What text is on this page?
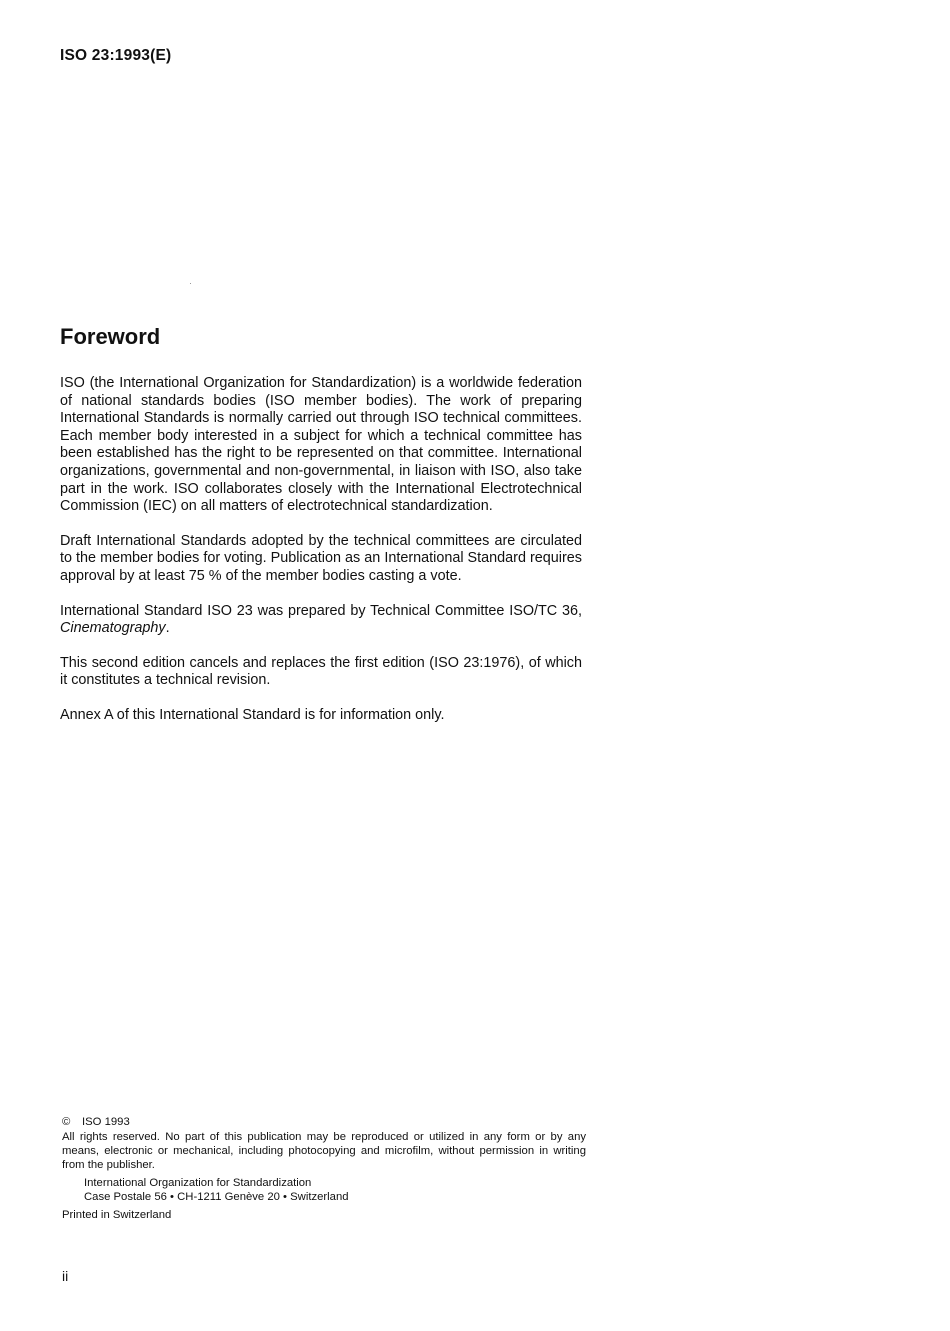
ISO 23:1993(E)
Foreword

ISO (the International Organization for Standardization) is a worldwide federation of national standards bodies (ISO member bodies). The work of preparing International Standards is normally carried out through ISO technical committees. Each member body interested in a subject for which a technical committee has been established has the right to be represented on that committee. International organizations, governmental and non-governmental, in liaison with ISO, also take part in the work. ISO collaborates closely with the International Electrotechnical Commission (IEC) on all matters of electrotechnical standardization.

Draft International Standards adopted by the technical committees are circulated to the member bodies for voting. Publication as an International Standard requires approval by at least 75 % of the member bodies casting a vote.

International Standard ISO 23 was prepared by Technical Committee ISO/TC 36, Cinematography.

This second edition cancels and replaces the first edition (ISO 23:1976), of which it constitutes a technical revision.

Annex A of this International Standard is for information only.

© ISO 1993

All rights reserved. No part of this publication may be reproduced or utilized in any form or by any means, electronic or mechanical, including photocopying and microfilm, without permission in writing from the publisher.

International Organization for Standardization
Case Postale 56 • CH-1211 Genève 20 • Switzerland

Printed in Switzerland

ii
